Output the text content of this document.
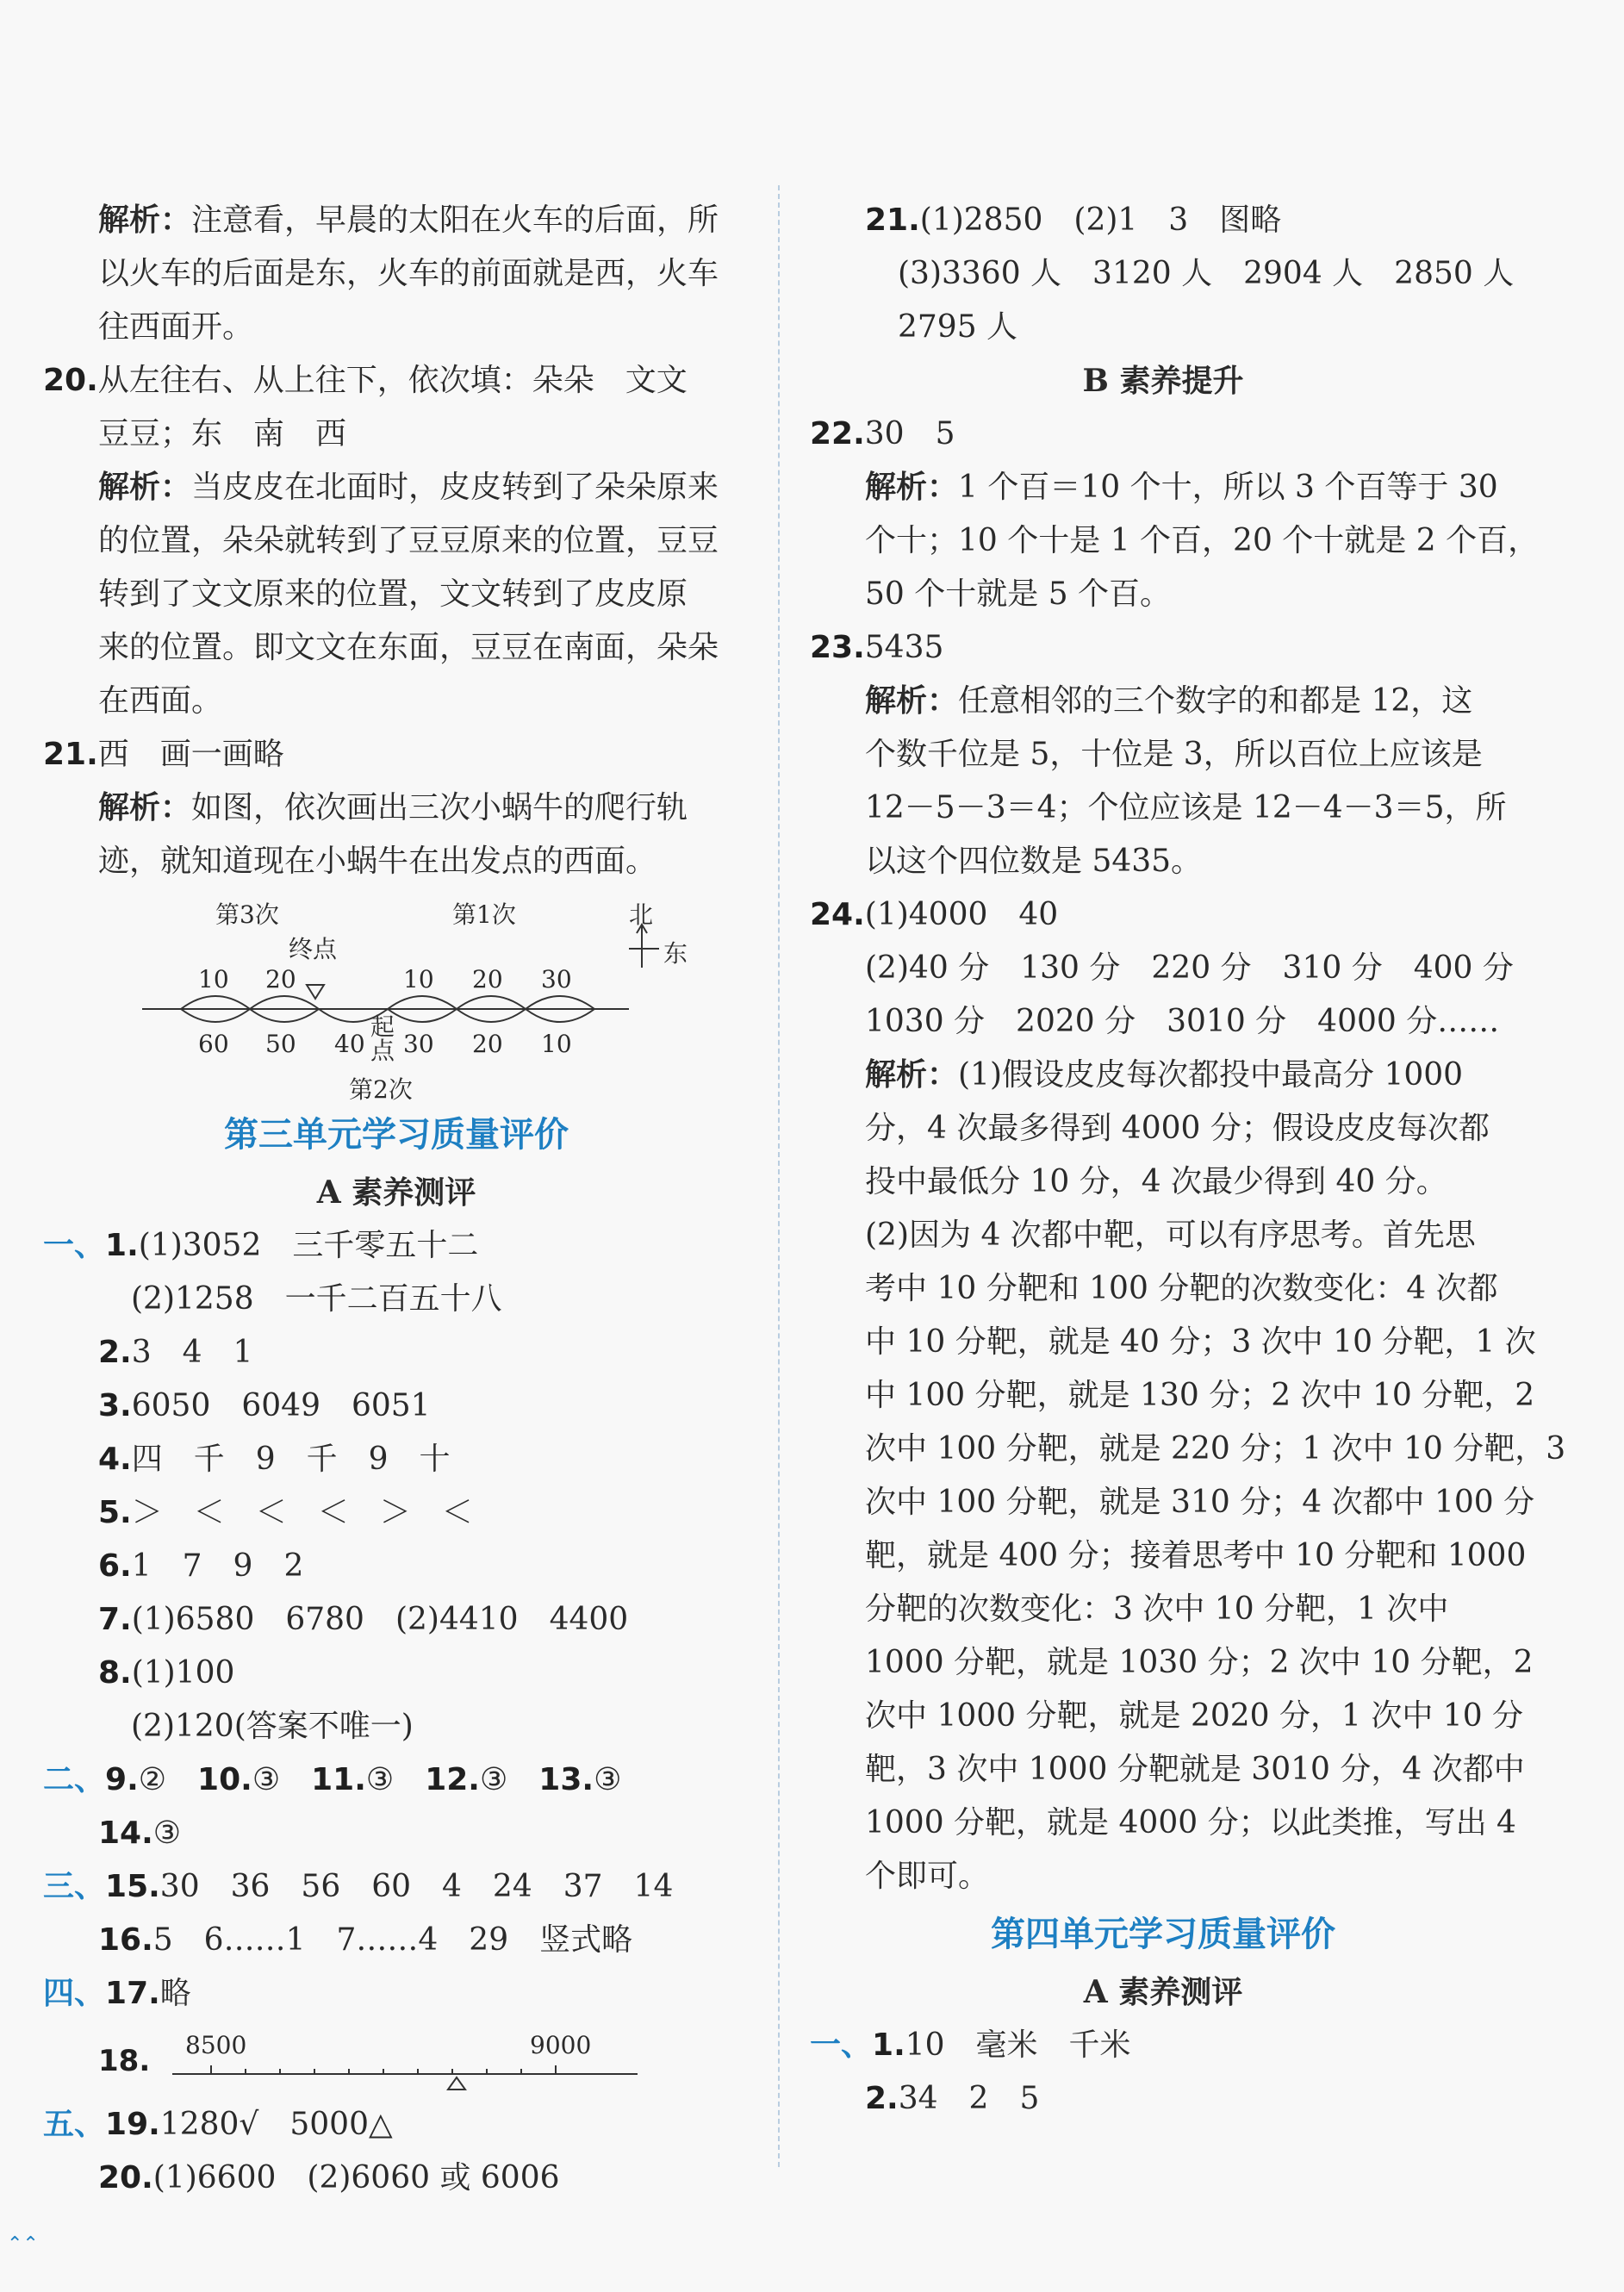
解析：注意看，早晨的太阳在火车的后面，所
以火车的后面是东，火车的前面就是西，火车
往西面开。
20.从左往右、从上往下，依次填：朵朵　文文
豆豆；东　南　西
解析：当皮皮在北面时，皮皮转到了朵朵原来
的位置，朵朵就转到了豆豆原来的位置，豆豆
转到了文文原来的位置，文文转到了皮皮原
来的位置。即文文在东面，豆豆在南面，朵朵
在西面。
21.西　画一画略
解析：如图，依次画出三次小蜗牛的爬行轨
迹，就知道现在小蜗牛在出发点的西面。
第3次	第1次	北
东
终点
起
点
第2次
10 20	10 20 30
60 50 40 30 20 10
第三单元学习质量评价
A 素养测评
一、1.(1)3052　三千零五十二
(2)1258　一千二百五十八
2.3　4　1
3.6050　6049　6051
4.四　千　9　千　9　十
5.＞　＜　＜　＜　＞　＜
6.1　7　9　2
7.(1)6580　6780　(2)4410　4400
8.(1)100
(2)120(答案不唯一)
二、9.②　 10.③　 11.③　 12.③　 13.③
14.③
三、15.30　36　56　60　4　24　37　14
16.5　6……1　7……4　29　竖式略
四、17.略
18. 8500	9000
五、19.1280√　5000△
20.(1)6600　(2)6060 或 6006
21.(1)2850　(2)1　3　图略
(3)3360 人　3120 人　2904 人　2850 人
2795 人
B 素养提升
22.30　5
解析：1 个百＝10 个十，所以 3 个百等于 30
个十；10 个十是 1 个百，20 个十就是 2 个百，
50 个十就是 5 个百。
23.5435
解析：任意相邻的三个数字的和都是 12，这
个数千位是 5，十位是 3，所以百位上应该是
12－5－3＝4；个位应该是 12－4－3＝5，所
以这个四位数是 5435。
24.(1)4000　40
(2)40 分　130 分　220 分　310 分　400 分
1030 分　2020 分　3010 分　4000 分……
解析：(1)假设皮皮每次都投中最高分 1000
分，4 次最多得到 4000 分；假设皮皮每次都
投中最低分 10 分，4 次最少得到 40 分。
(2)因为 4 次都中靶，可以有序思考。首先思
考中 10 分靶和 100 分靶的次数变化：4 次都
中 10 分靶，就是 40 分；3 次中 10 分靶，1 次
中 100 分靶，就是 130 分；2 次中 10 分靶，2
次中 100 分靶，就是 220 分；1 次中 10 分靶，3
次中 100 分靶，就是 310 分；4 次都中 100 分
靶，就是 400 分；接着思考中 10 分靶和 1000
分靶的次数变化：3 次中 10 分靶，1 次中
1000 分靶，就是 1030 分；2 次中 10 分靶，2
次中 1000 分靶，就是 2020 分，1 次中 10 分
靶，3 次中 1000 分靶就是 3010 分，4 次都中
1000 分靶，就是 4000 分；以此类推，写出 4
个即可。
第四单元学习质量评价
A 素养测评
一、1.10　毫米　千米
2.34　2　5
⌃⌃
